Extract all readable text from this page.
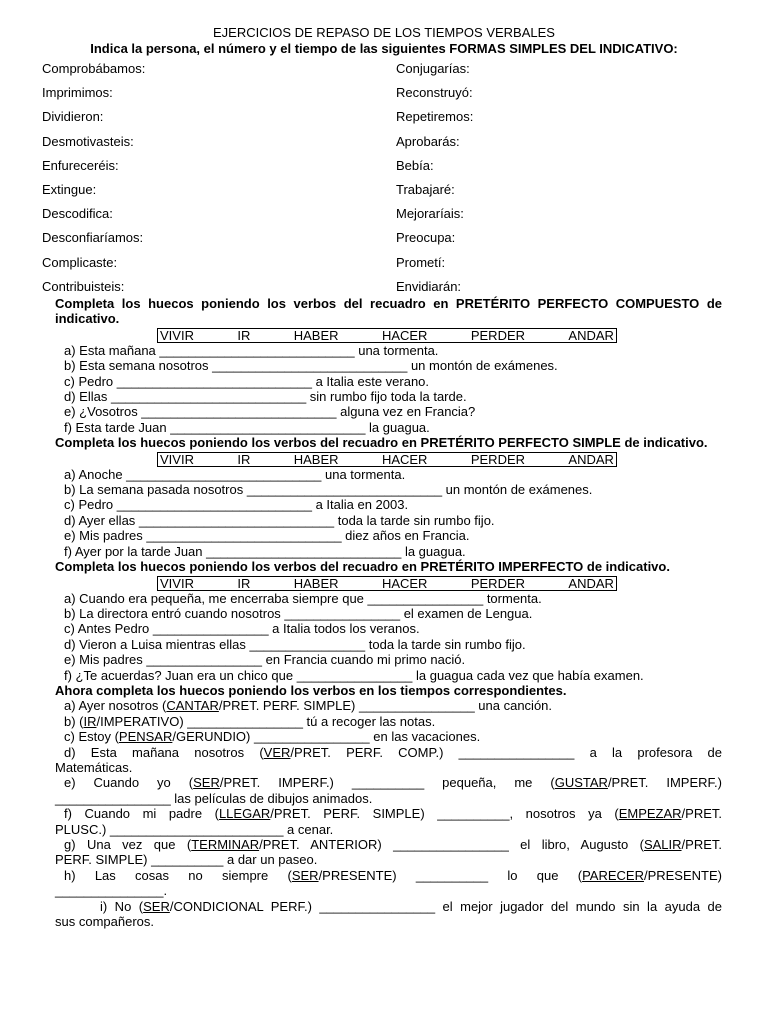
EJERCICIOS DE REPASO DE LOS TIEMPOS VERBALES
Indica la persona, el número y el tiempo de las siguientes FORMAS SIMPLES DEL INDICATIVO:
Comprobábamos:	Conjugarías:
Imprimimos:	Reconstruyó:
Dividieron:	Repetiremos:
Desmotivasteis:	Aprobarás:
Enfureceréis:	Bebía:
Extingue:	Trabajaré:
Descodifica:	Mejoraríais:
Desconfiaríamos:	Preocupa:
Complicaste:	Prometí:
Contribuisteis:	Envidiarán:
Completa los huecos poniendo los verbos del recuadro en PRETÉRITO PERFECTO COMPUESTO de indicativo.
VIVIR	IR	HABER	HACER	PERDER	ANDAR
a) Esta mañana ___________________________ una tormenta.
b) Esta semana nosotros ___________________________ un montón de exámenes.
c) Pedro ___________________________ a Italia este verano.
d) Ellas ___________________________ sin rumbo fijo toda la tarde.
e) ¿Vosotros ___________________________ alguna vez en Francia?
f) Esta tarde Juan ___________________________ la guagua.
Completa los huecos poniendo los verbos del recuadro en PRETÉRITO PERFECTO SIMPLE de indicativo.
VIVIR	IR	HABER	HACER	PERDER	ANDAR
a) Anoche ___________________________ una tormenta.
b) La semana pasada nosotros ___________________________ un montón de exámenes.
c) Pedro ___________________________ a Italia en 2003.
d) Ayer ellas ___________________________ toda la tarde sin rumbo fijo.
e) Mis padres ___________________________ diez años en Francia.
f) Ayer por la tarde Juan ___________________________ la guagua.
Completa los huecos poniendo los verbos del recuadro en PRETÉRITO IMPERFECTO de indicativo.
VIVIR	IR	HABER	HACER	PERDER	ANDAR
a) Cuando era pequeña, me encerraba siempre que ________________ tormenta.
b) La directora entró cuando nosotros ________________ el examen de Lengua.
c) Antes Pedro ________________ a Italia todos los veranos.
d) Vieron a Luisa mientras ellas ________________ toda la tarde sin rumbo fijo.
e) Mis padres ________________ en Francia cuando mi primo nació.
f) ¿Te acuerdas? Juan era un chico que ________________ la guagua cada vez que había examen.
Ahora completa los huecos poniendo los verbos en los tiempos correspondientes.
a) Ayer nosotros (CANTAR/PRET. PERF. SIMPLE) ________________ una canción.
b) (IR/IMPERATIVO) ________________ tú a recoger las notas.
c) Estoy (PENSAR/GERUNDIO) ________________ en las vacaciones.
d) Esta mañana nosotros (VER/PRET. PERF. COMP.) ________________ a la profesora de
Matemáticas.
e) Cuando yo (SER/PRET. IMPERF.) __________ pequeña, me (GUSTAR/PRET. IMPERF.)
________________ las películas de dibujos animados.
f) Cuando mi padre (LLEGAR/PRET. PERF. SIMPLE) __________, nosotros ya (EMPEZAR/PRET.
PLUSC.) ________________________ a cenar.
g) Una vez que (TERMINAR/PRET. ANTERIOR) ________________ el libro, Augusto (SALIR/PRET.
PERF. SIMPLE) __________ a dar un paseo.
h) Las cosas no siempre (SER/PRESENTE) __________ lo que (PARECER/PRESENTE)
_______________.
i) No (SER/CONDICIONAL PERF.) ________________ el mejor jugador del mundo sin la ayuda de
sus compañeros.
